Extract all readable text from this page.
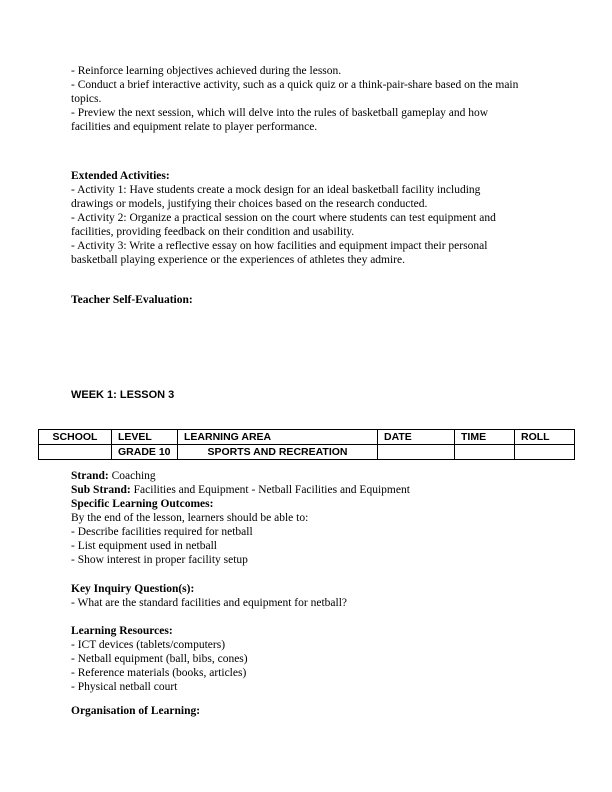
- Reinforce learning objectives achieved during the lesson.
- Conduct a brief interactive activity, such as a quick quiz or a think-pair-share based on the main
topics.
- Preview the next session, which will delve into the rules of basketball gameplay and how
facilities and equipment relate to player performance.
Extended Activities:
- Activity 1: Have students create a mock design for an ideal basketball facility including
drawings or models, justifying their choices based on the research conducted.
- Activity 2: Organize a practical session on the court where students can test equipment and
facilities, providing feedback on their condition and usability.
- Activity 3: Write a reflective essay on how facilities and equipment impact their personal
basketball playing experience or the experiences of athletes they admire.
Teacher Self-Evaluation:
WEEK 1: LESSON 3
SCHOOL	LEVEL	LEARNING AREA	DATE	TIME	ROLL
	GRADE 10	SPORTS AND RECREATION			
Strand: Coaching
Sub Strand: Facilities and Equipment - Netball Facilities and Equipment
Specific Learning Outcomes:
By the end of the lesson, learners should be able to:
- Describe facilities required for netball
- List equipment used in netball
- Show interest in proper facility setup
Key Inquiry Question(s):
- What are the standard facilities and equipment for netball?
Learning Resources:
- ICT devices (tablets/computers)
- Netball equipment (ball, bibs, cones)
- Reference materials (books, articles)
- Physical netball court
Organisation of Learning:
